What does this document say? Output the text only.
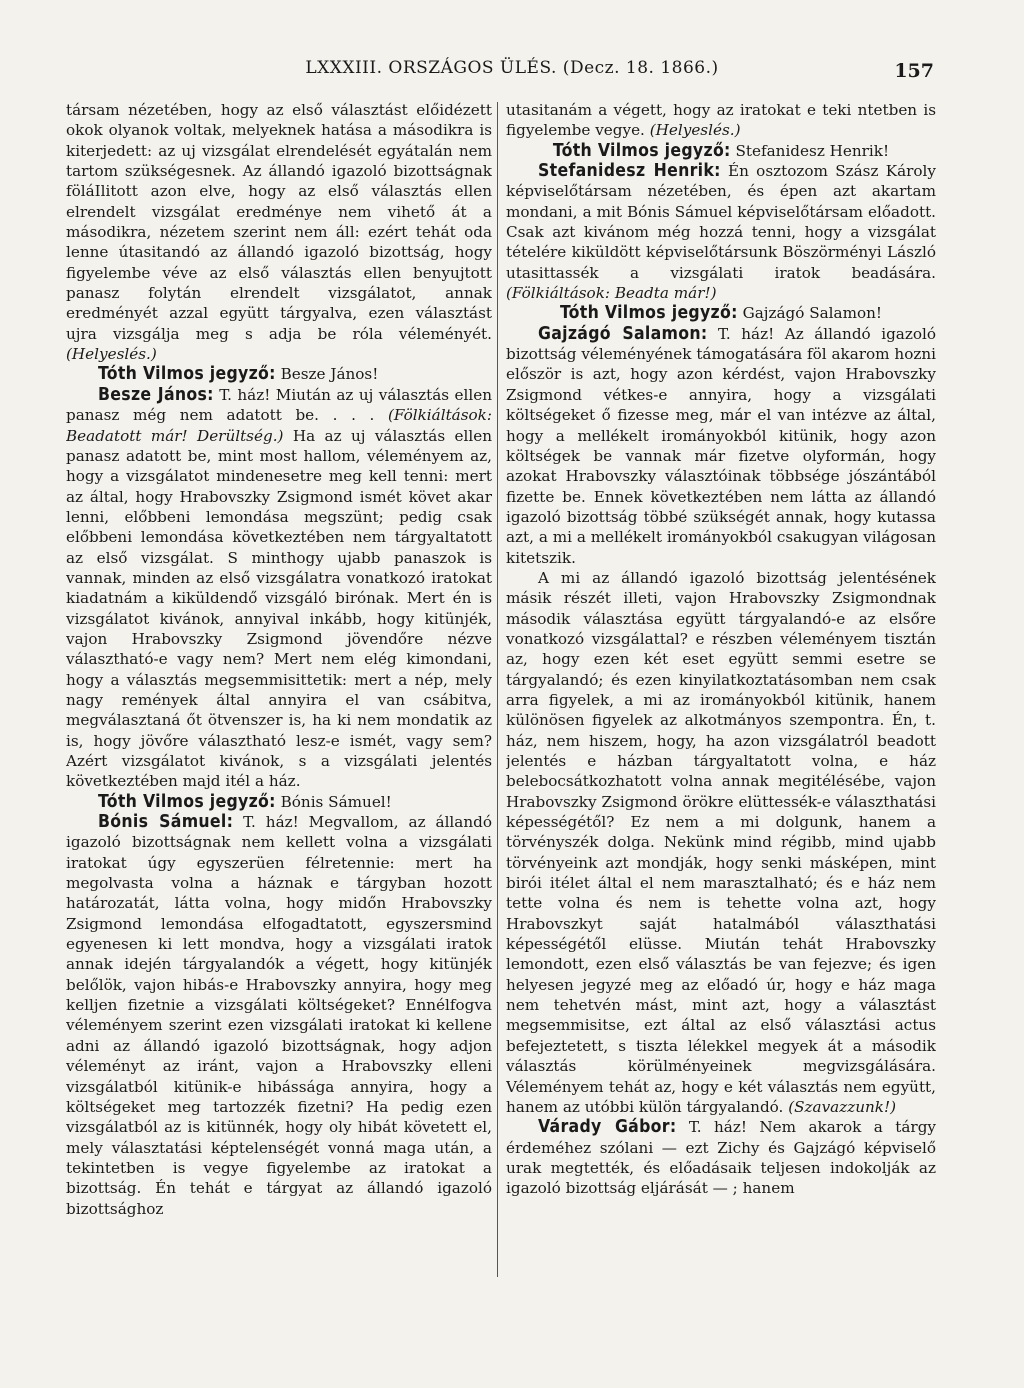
LXXXIII. ORSZÁGOS ÜLÉS. (Decz. 18. 1866.)	157

társam nézetében, hogy az első választást előidézett okok olyanok voltak, melyeknek hatása a másodikra is kiterjedett: az uj vizsgálat elrendelését egyátalán nem tartom szükségesnek. Az állandó igazoló bizottságnak föláIlitott azon elve, hogy az első választás ellen elrendelt vizsgálat eredménye nem vihető át a másodikra, nézetem szerint nem áll: ezért tehát oda lenne útasitandó az állandó igazoló bizottság, hogy figyelembe véve az első választás ellen benyujtott panasz folytán elrendelt vizsgálatot, annak eredményét azzal együtt tárgyalva, ezen választást ujra vizsgálja meg s adja be róla véleményét. (Helyeslés.)

Tóth Vilmos jegyző: Besze János!

Besze János: T. ház! Miután az uj választás ellen panasz még nem adatott be. . . . (Fölkiáltások: Beadatott már! Derültség.) Ha az uj választás ellen panasz adatott be, mint most hallom, véleményem az, hogy a vizsgálatot mindenesetre meg kell tenni: mert az által, hogy Hrabovszky Zsigmond ismét követ akar lenni, előbbeni lemondása megszünt; pedig csak előbbeni lemondása következtében nem tárgyaltatott az első vizsgálat. S minthogy ujabb panaszok is vannak, minden az első vizsgálatra vonatkozó iratokat kiadatnám a kiküldendő vizsgáló birónak. Mert én is vizsgálatot kivánok, annyival inkább, hogy kitünjék, vajon Hrabovszky Zsigmond jövendőre nézve választható-e vagy nem? Mert nem elég kimondani, hogy a választás megsemmisittetik: mert a nép, mely nagy remények által annyira el van csábitva, megválasztaná őt ötvenszer is, ha ki nem mondatik az is, hogy jövőre választható lesz-e ismét, vagy sem? Azért vizsgálatot kivánok, s a vizsgálati jelentés következtében majd itél a ház.

Tóth Vilmos jegyző: Bónis Sámuel!

Bónis Sámuel: T. ház! Megvallom, az állandó igazoló bizottságnak nem kellett volna a vizsgálati iratokat úgy egyszerüen félretennie: mert ha megolvasta volna a háznak e tárgyban hozott határozatát, látta volna, hogy midőn Hrabovszky Zsigmond lemondása elfogadtatott, egyszersmind egyenesen ki lett mondva, hogy a vizsgálati iratok annak idején tárgyalandók a végett, hogy kitünjék belőlök, vajon hibás-e Hrabovszky annyira, hogy meg kelljen fizetnie a vizsgálati költségeket? Ennélfogva véleményem szerint ezen vizsgálati iratokat ki kellene adni az állandó igazoló bizottságnak, hogy adjon véleményt az iránt, vajon a Hrabovszky elleni vizsgálatból kitünik-e hibássága annyira, hogy a költségeket meg tartozzék fizetni? Ha pedig ezen vizsgálatból az is kitünnék, hogy oly hibát követett el, mely választatási képtelenségét vonná maga után, a tekintetben is vegye figyelembe az iratokat a bizottság. Én tehát e tárgyat az állandó igazoló bizottsághoz

utasitanám a végett, hogy az iratokat e teki ntetben is figyelembe vegye. (Helyeslés.)

Tóth Vilmos jegyző: Stefanidesz Henrik!

Stefanidesz Henrik: Én osztozom Szász Károly képviselőtársam nézetében, és épen azt akartam mondani, a mit Bónis Sámuel képviselőtársam előadott. Csak azt kivánom még hozzá tenni, hogy a vizsgálat tételére kiküldött képviselőtársunk Böszörményi László utasittassék a vizsgálati iratok beadására. (Fölkiáltások: Beadta már!)

Tóth Vilmos jegyző: Gajzágó Salamon!

Gajzágó Salamon: T. ház! Az állandó igazoló bizottság véleményének támogatására föl akarom hozni először is azt, hogy azon kérdést, vajon Hrabovszky Zsigmond vétkes-e annyira, hogy a vizsgálati költségeket ő fizesse meg, már el van intézve az által, hogy a mellékelt irományokból kitünik, hogy azon költségek be vannak már fizetve olyformán, hogy azokat Hrabovszky választóinak többsége jószántából fizette be. Ennek következtében nem látta az állandó igazoló bizottság többé szükségét annak, hogy kutassa azt, a mi a mellékelt irományokból csakugyan világosan kitetszik.

A mi az állandó igazoló bizottság jelentésének másik részét illeti, vajon Hrabovszky Zsigmondnak második választása együtt tárgyalandó-e az elsőre vonatkozó vizsgálattal? e részben véleményem tisztán az, hogy ezen két eset együtt semmi esetre se tárgyalandó; és ezen kinyilatkoztatásomban nem csak arra figyelek, a mi az irományokból kitünik, hanem különösen figyelek az alkotmányos szempontra. Én, t. ház, nem hiszem, hogy, ha azon vizsgálatról beadott jelentés e házban tárgyaltatott volna, e ház belebocsátkozhatott volna annak megitélésébe, vajon Hrabovszky Zsigmond örökre elüttessék-e választhatási képességétől? Ez nem a mi dolgunk, hanem a törvényszék dolga. Nekünk mind régibb, mind ujabb törvényeink azt mondják, hogy senki másképen, mint birói itélet által el nem marasztalható; és e ház nem tette volna és nem is tehette volna azt, hogy Hrabovszkyt saját hatalmából választhatási képességétől elüsse. Miután tehát Hrabovszky lemondott, ezen első választás be van fejezve; és igen helyesen jegyzé meg az előadó úr, hogy e ház maga nem tehetvén mást, mint azt, hogy a választást megsemmisitse, ezt által az első választási actus befejeztetett, s tiszta lélekkel megyek át a második választás körülményeinek megvizsgálására. Véleményem tehát az, hogy e két választás nem együtt, hanem az utóbbi külön tárgyalandó. (Szavazzunk!)

Várady Gábor: T. ház! Nem akarok a tárgy érdeméhez szólani — ezt Zichy és Gajzágó képviselő urak megtették, és előadásaik teljesen indokolják az igazoló bizottság eljárását — ; hanem
